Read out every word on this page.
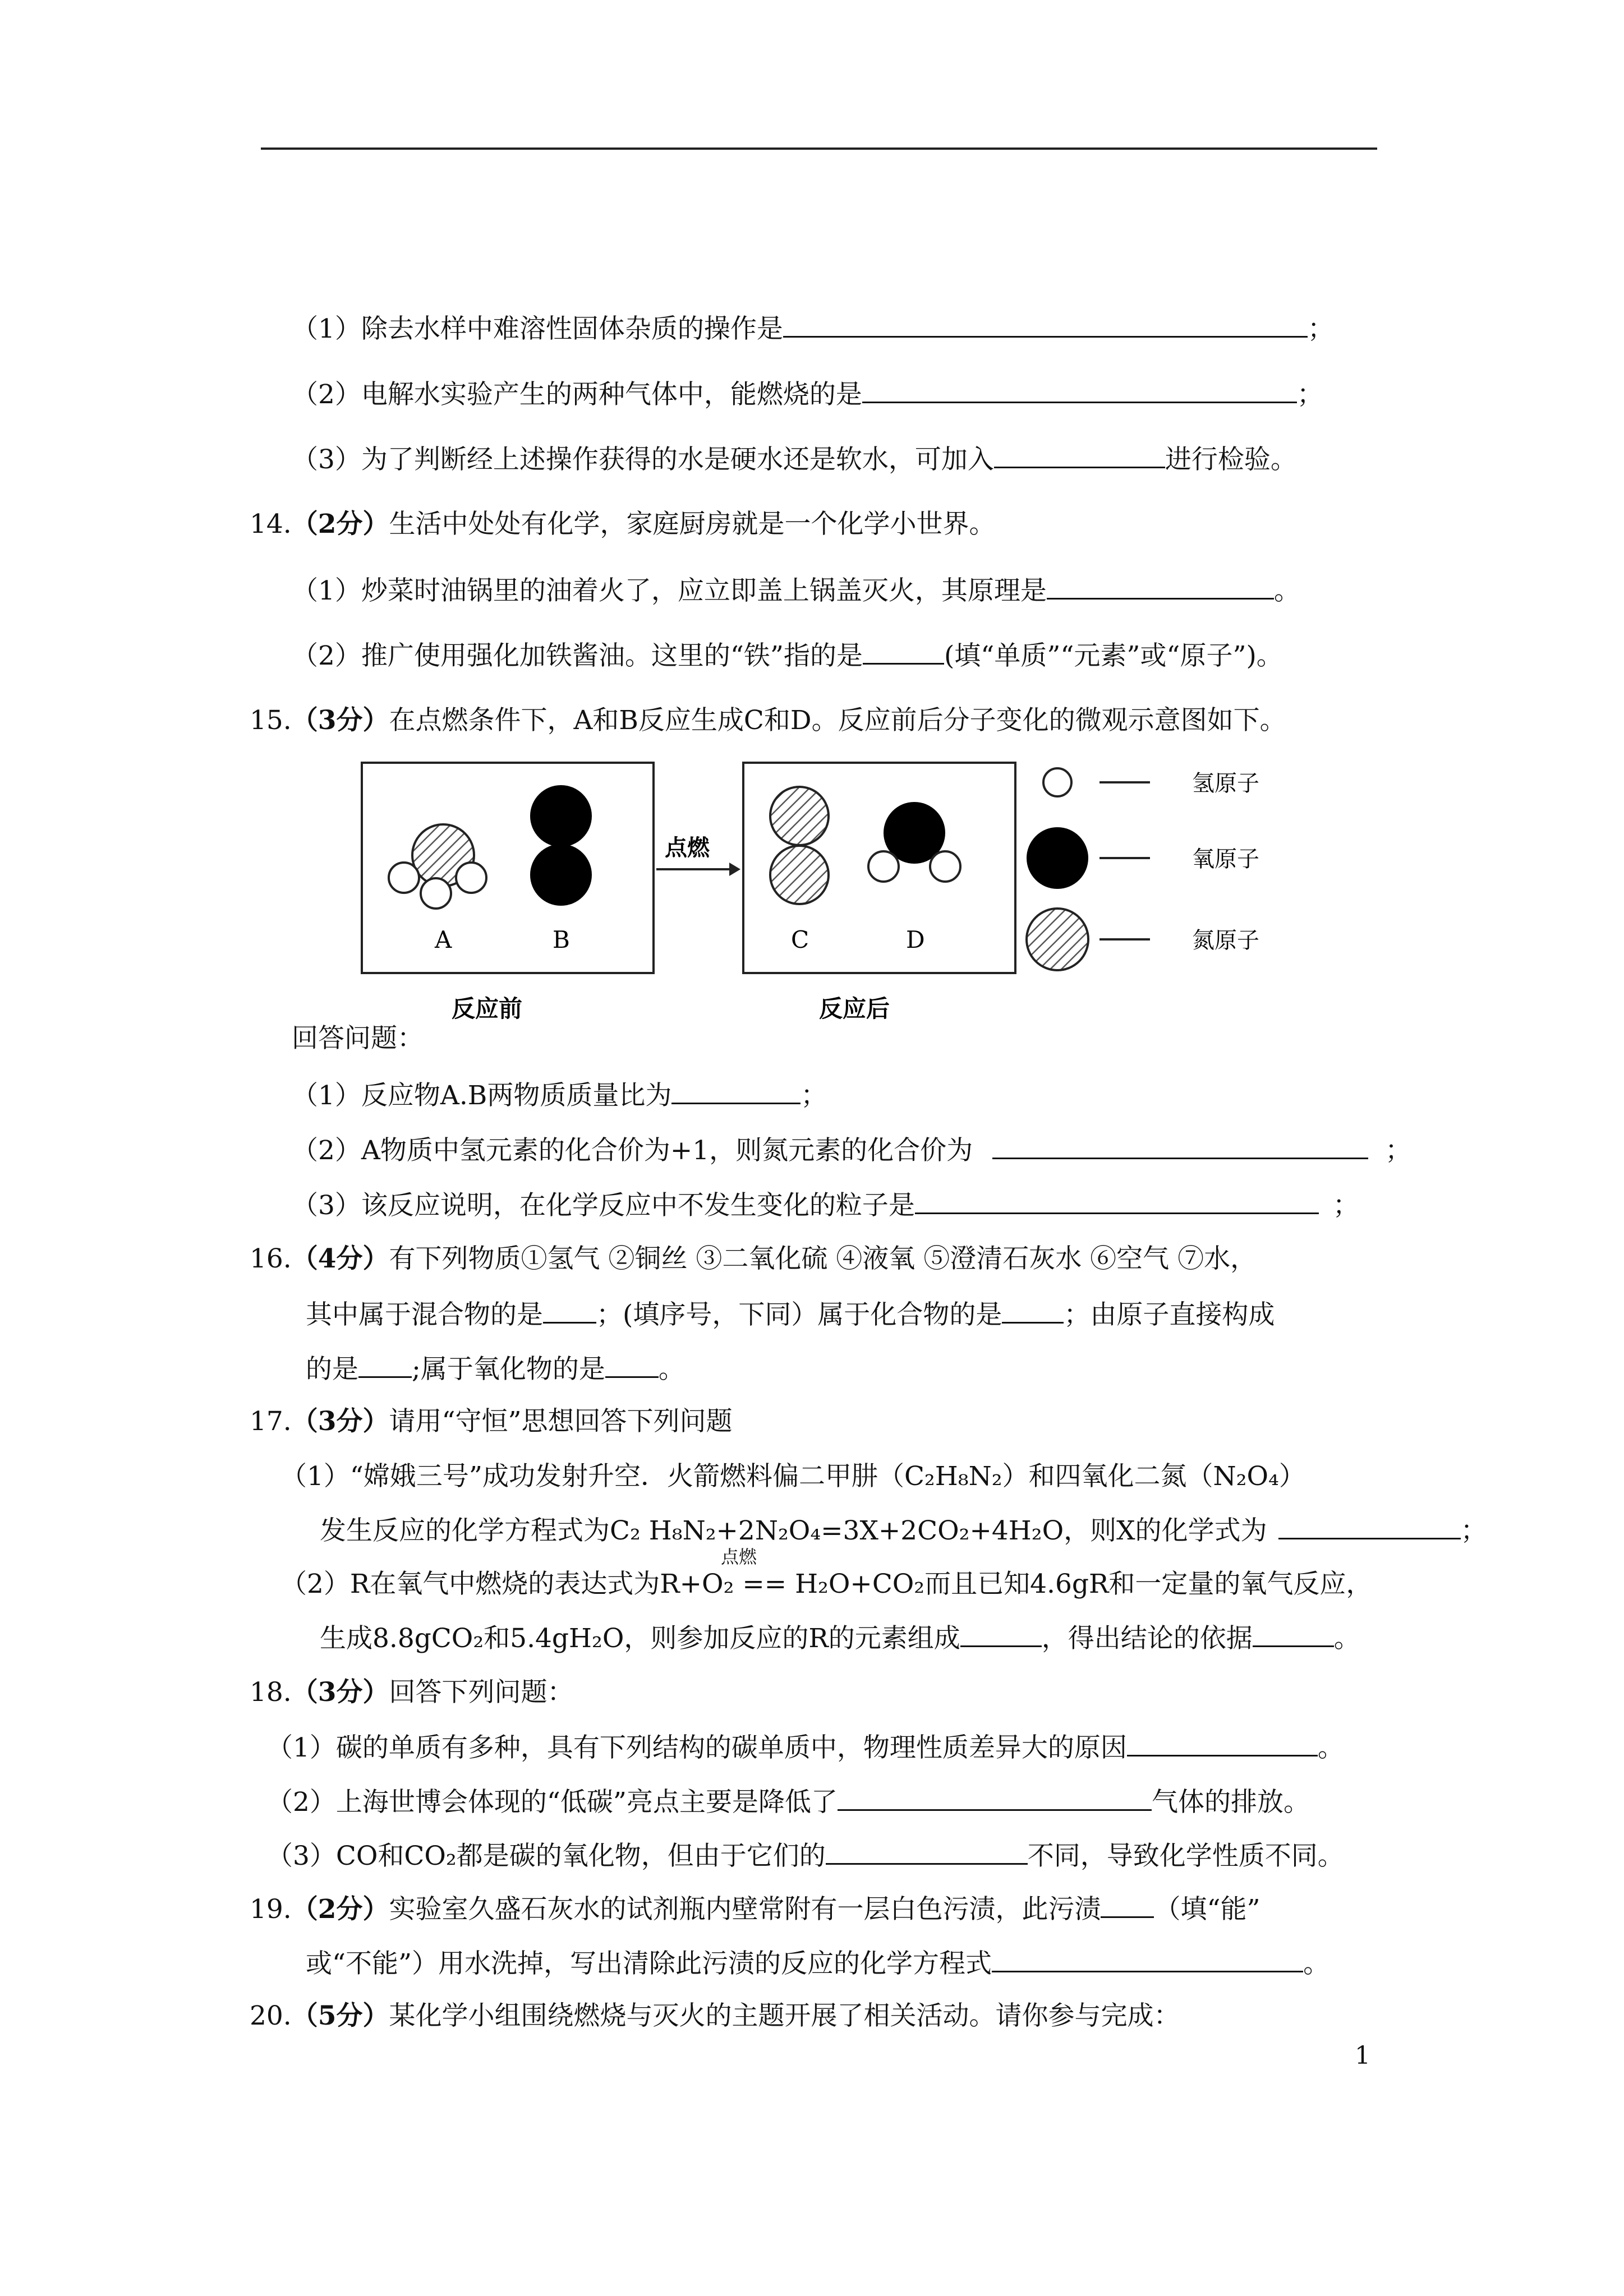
（1）除去水样中难溶性固体杂质的操作是	；
（2）电解水实验产生的两种气体中，能燃烧的是	；
（3）为了判断经上述操作获得的水是硬水还是软水，可加入	进行检验。
14.（2分）生活中处处有化学，家庭厨房就是一个化学小世界。
（1）炒菜时油锅里的油着火了，应立即盖上锅盖灭火，其原理是	。
（2）推广使用强化加铁酱油。这里的“铁”指的是	(填“单质”“元素”或“原子”)。
15.（3分）在点燃条件下，A和B反应生成C和D。反应前后分子变化的微观示意图如下。
A	B
点燃
C	D
反应前	反应后
氢原子
氧原子
氮原子
回答问题：
（1）反应物A.B两物质质量比为	；
（2）A物质中氢元素的化合价为+1，则氮元素的化合价为	；
（3）该反应说明，在化学反应中不发生变化的粒子是	；
16.（4分）有下列物质①氢气 ②铜丝 ③二氧化硫 ④液氧 ⑤澄清石灰水 ⑥空气 ⑦水，
其中属于混合物的是 ；(填序号，下同）属于化合物的是 ；由原子直接构成
的是 ;属于氧化物的是 。
17.（3分）请用“守恒”思想回答下列问题
（1）“嫦娥三号”成功发射升空．火箭燃料偏二甲肼（C₂H₈N₂）和四氧化二氮（N₂O₄）
发生反应的化学方程式为C₂ H₈N₂+2N₂O₄=3X+2CO₂+4H₂O，则X的化学式为	；
点燃
（2）R在氧气中燃烧的表达式为R+O₂ == H₂O+CO₂而且已知4.6gR和一定量的氧气反应，
生成8.8gCO₂和5.4gH₂O，则参加反应的R的元素组成	，得出结论的依据	。
18.（3分）回答下列问题：
（1）碳的单质有多种，具有下列结构的碳单质中，物理性质差异大的原因	。
（2）上海世博会体现的“低碳”亮点主要是降低了	气体的排放。
（3）CO和CO₂都是碳的氧化物，但由于它们的	不同，导致化学性质不同。
19.（2分）实验室久盛石灰水的试剂瓶内壁常附有一层白色污渍，此污渍 （填“能”
或“不能”）用水洗掉，写出清除此污渍的反应的化学方程式	。
20.（5分）某化学小组围绕燃烧与灭火的主题开展了相关活动。请你参与完成：
1
